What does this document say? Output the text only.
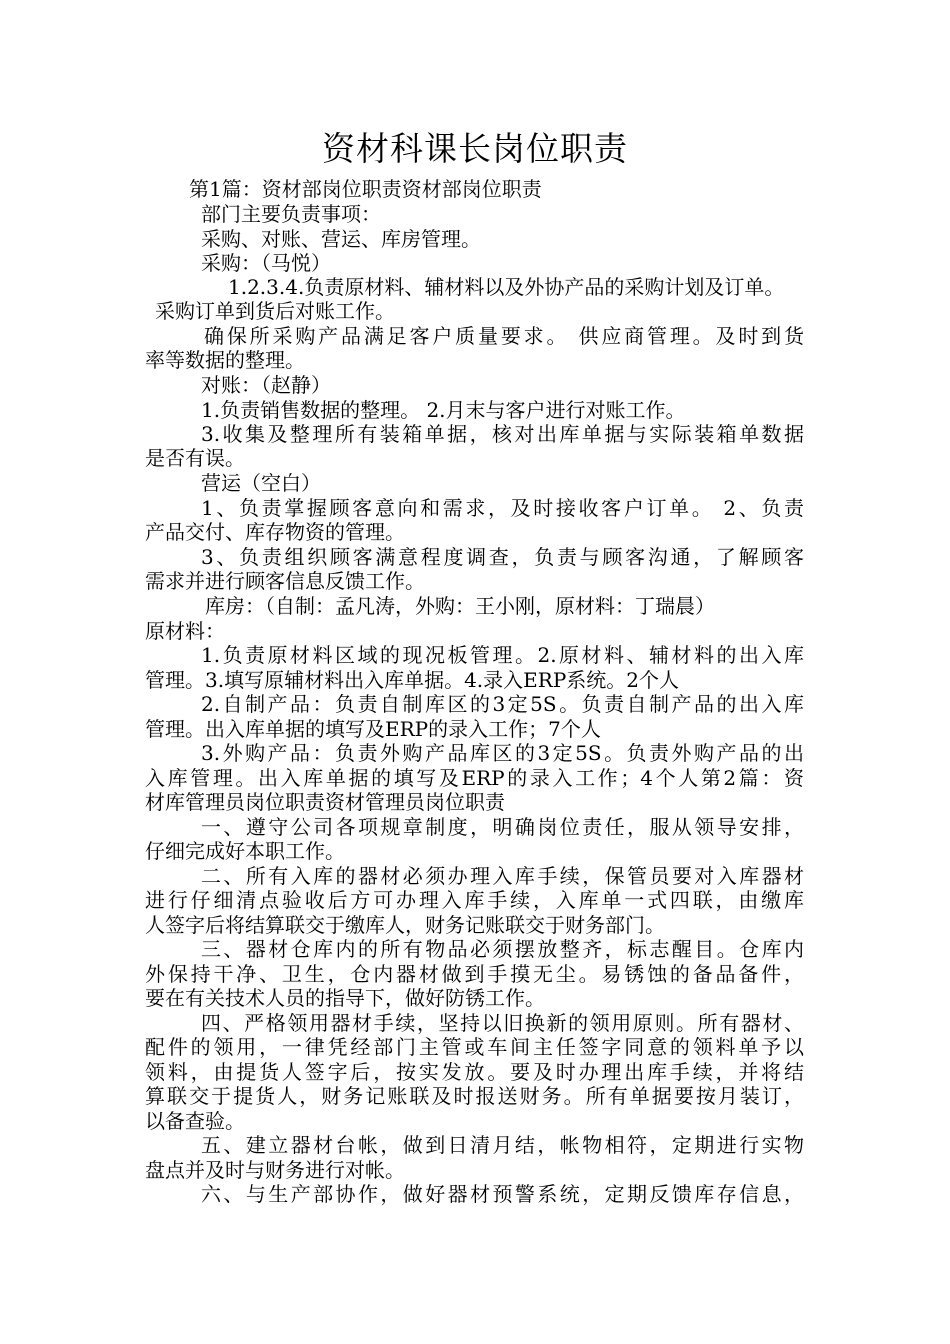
资材科课长岗位职责
第1篇：资材部岗位职责资材部岗位职责
部门主要负责事项：
采购、对账、营运、库房管理。
采购：（马悦）
1.2.3.4.负责原材料、辅材料以及外协产品的采购计划及订单。
采购订单到货后对账工作。
确保所采购产品满足客户质量要求。 供应商管理。及时到货
率等数据的整理。
对账：（赵静）
1.负责销售数据的整理。 2.月末与客户进行对账工作。
3.收集及整理所有装箱单据，核对出库单据与实际装箱单数据
是否有误。
营运（空白）
1、负责掌握顾客意向和需求，及时接收客户订单。 2、负责
产品交付、库存物资的管理。
3、负责组织顾客满意程度调查，负责与顾客沟通，了解顾客
需求并进行顾客信息反馈工作。
库房：（自制：孟凡涛，外购：王小刚，原材料：丁瑞晨）
原材料：
1.负责原材料区域的现况板管理。2.原材料、辅材料的出入库
管理。3.填写原辅材料出入库单据。4.录入ERP系统。2个人
2.自制产品：负责自制库区的3定5S。负责自制产品的出入库
管理。出入库单据的填写及ERP的录入工作；7个人
3.外购产品：负责外购产品库区的3定5S。负责外购产品的出
入库管理。出入库单据的填写及ERP的录入工作；4个人第2篇：资
材库管理员岗位职责资材管理员岗位职责
一、遵守公司各项规章制度，明确岗位责任，服从领导安排，
仔细完成好本职工作。
二、所有入库的器材必须办理入库手续，保管员要对入库器材
进行仔细清点验收后方可办理入库手续，入库单一式四联，由缴库
人签字后将结算联交于缴库人，财务记账联交于财务部门。
三、器材仓库内的所有物品必须摆放整齐，标志醒目。仓库内
外保持干净、卫生，仓内器材做到手摸无尘。易锈蚀的备品备件，
要在有关技术人员的指导下，做好防锈工作。
四、严格领用器材手续，坚持以旧换新的领用原则。所有器材、
配件的领用，一律凭经部门主管或车间主任签字同意的领料单予以
领料，由提货人签字后，按实发放。要及时办理出库手续，并将结
算联交于提货人，财务记账联及时报送财务。所有单据要按月装订，
以备查验。
五、建立器材台帐，做到日清月结，帐物相符，定期进行实物
盘点并及时与财务进行对帐。
六、与生产部协作，做好器材预警系统，定期反馈库存信息，
